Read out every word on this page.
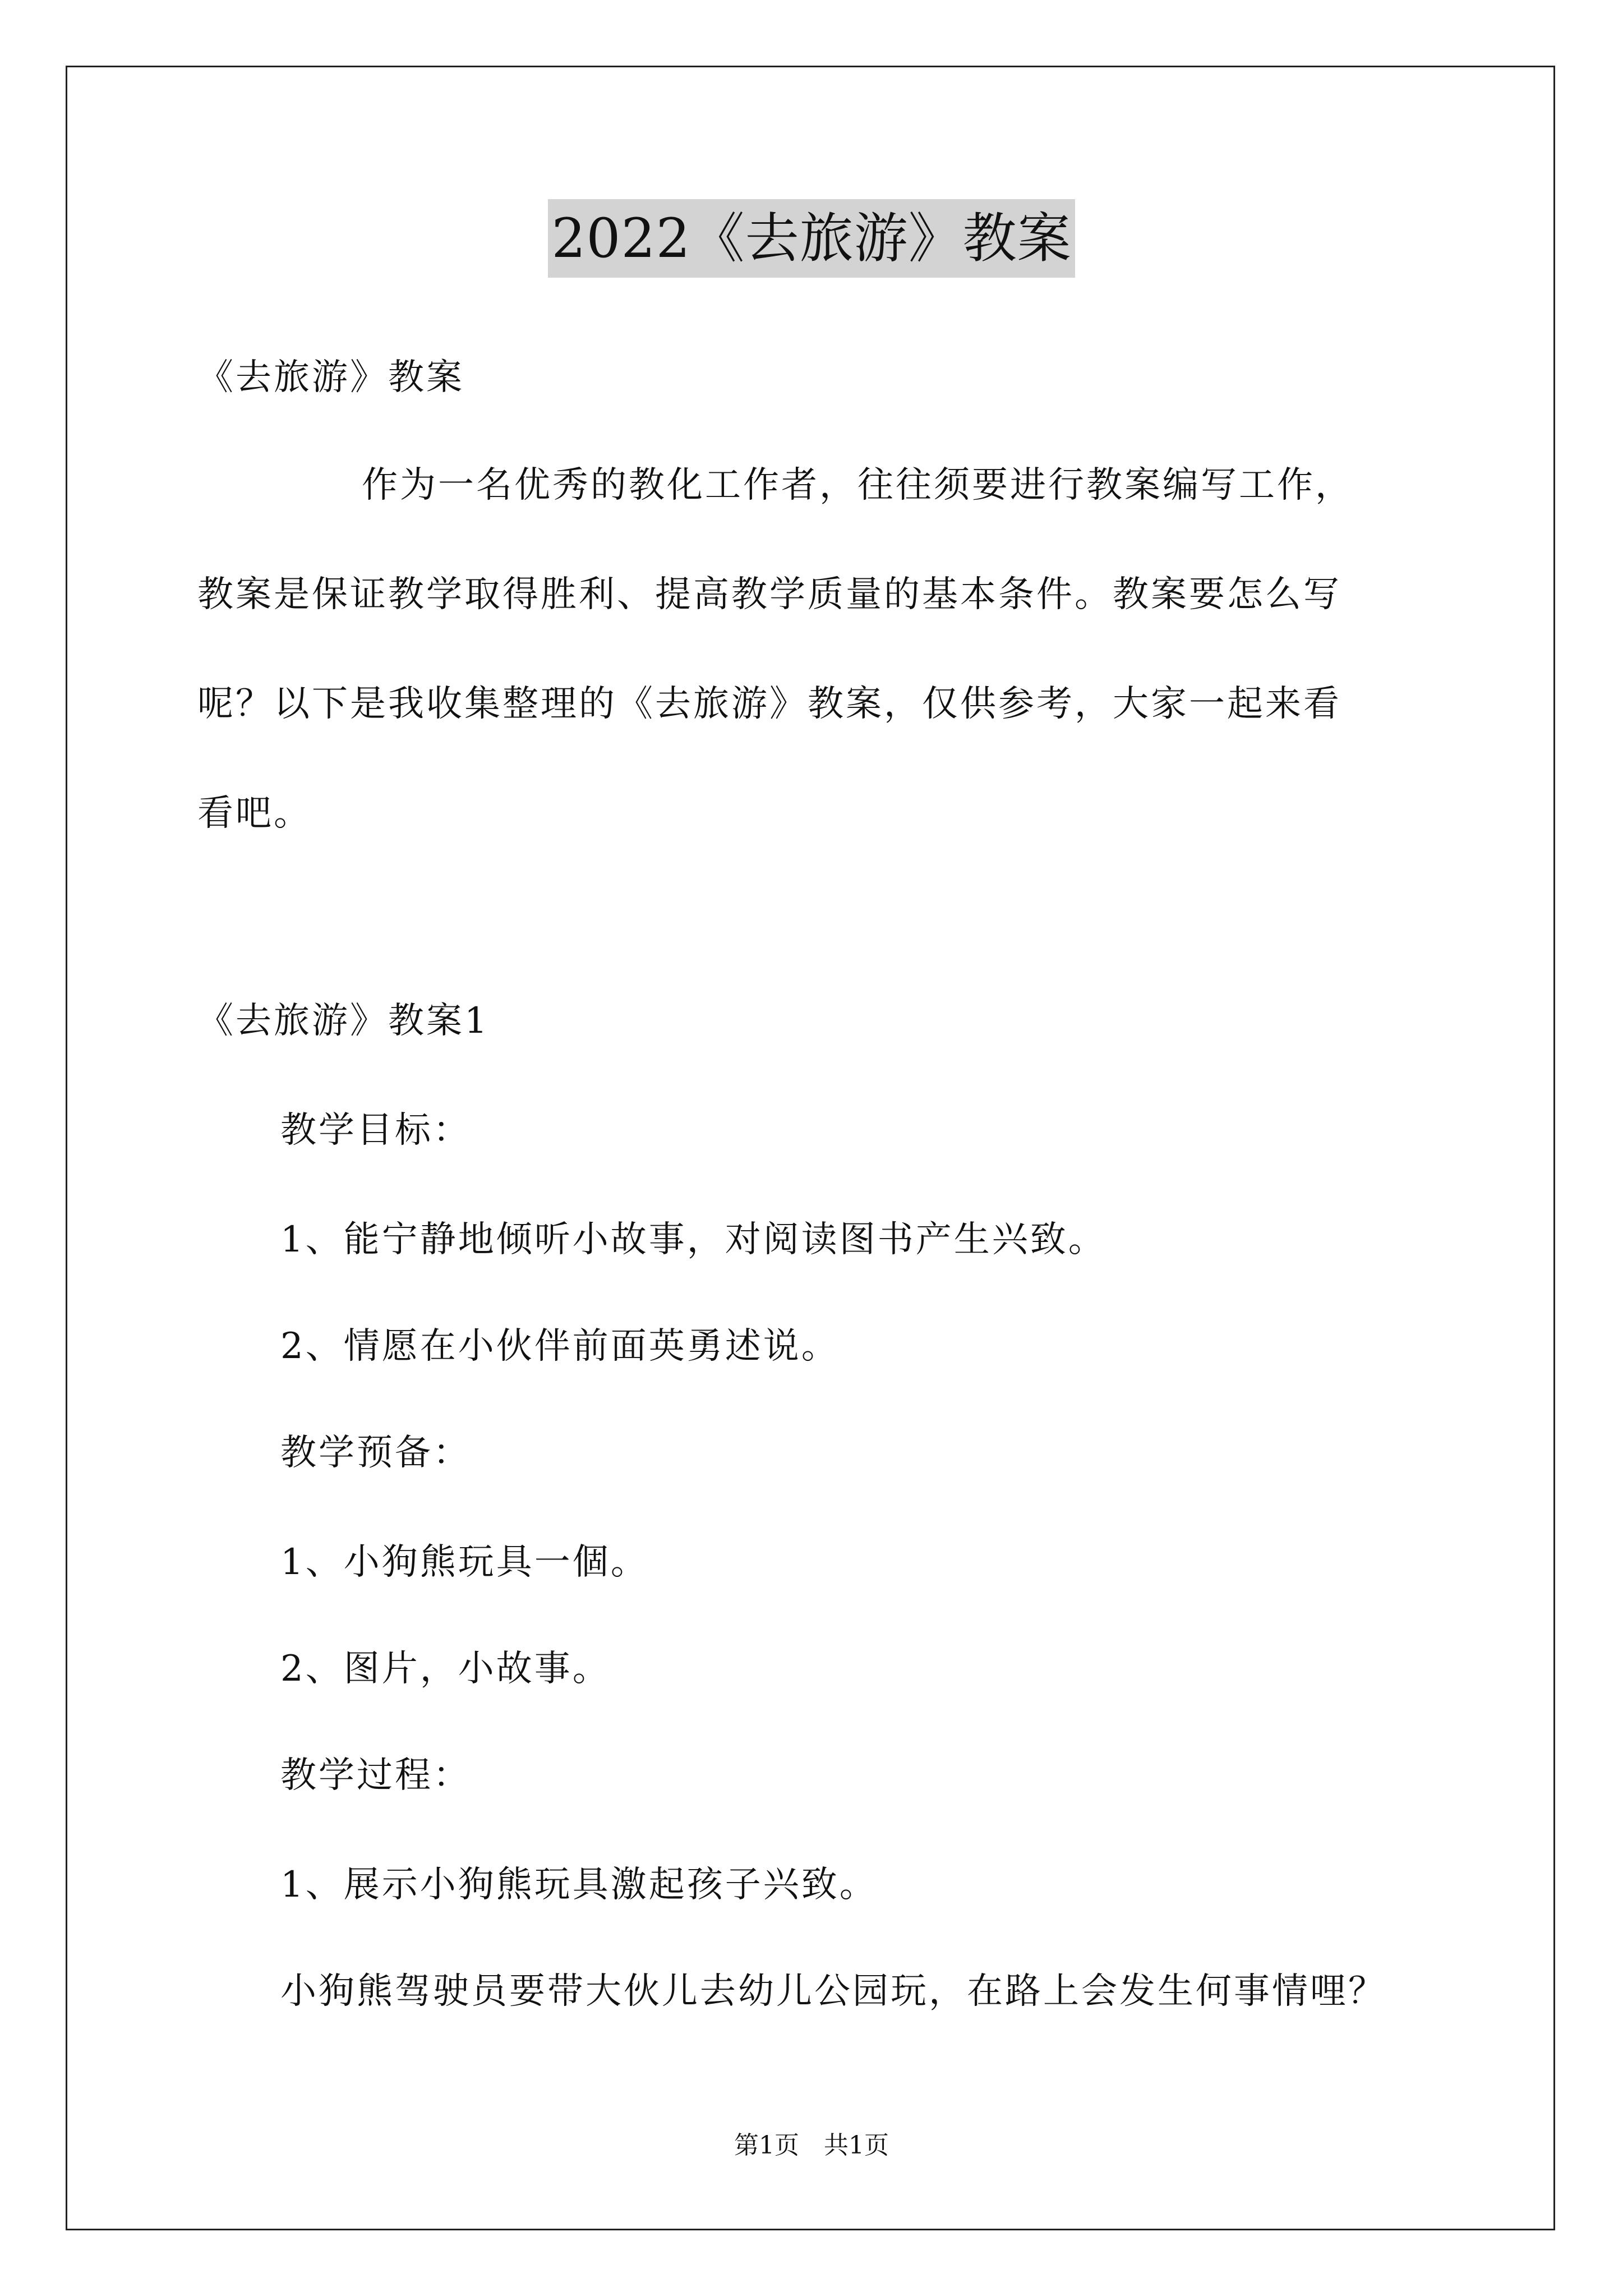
2022《去旅游》教案
《去旅游》教案
作为一名优秀的教化工作者，往往须要进行教案编写工作，
教案是保证教学取得胜利、提高教学质量的基本条件。教案要怎么写
呢？以下是我收集整理的《去旅游》教案，仅供参考，大家一起来看
看吧。
《去旅游》教案1
教学目标：
1、能宁静地倾听小故事，对阅读图书产生兴致。
2、情愿在小伙伴前面英勇述说。
教学预备：
1、小狗熊玩具一個。
2、图片，小故事。
教学过程：
1、展示小狗熊玩具激起孩子兴致。
小狗熊驾驶员要带大伙儿去幼儿公园玩，在路上会发生何事情哩？
第1页　共1页
